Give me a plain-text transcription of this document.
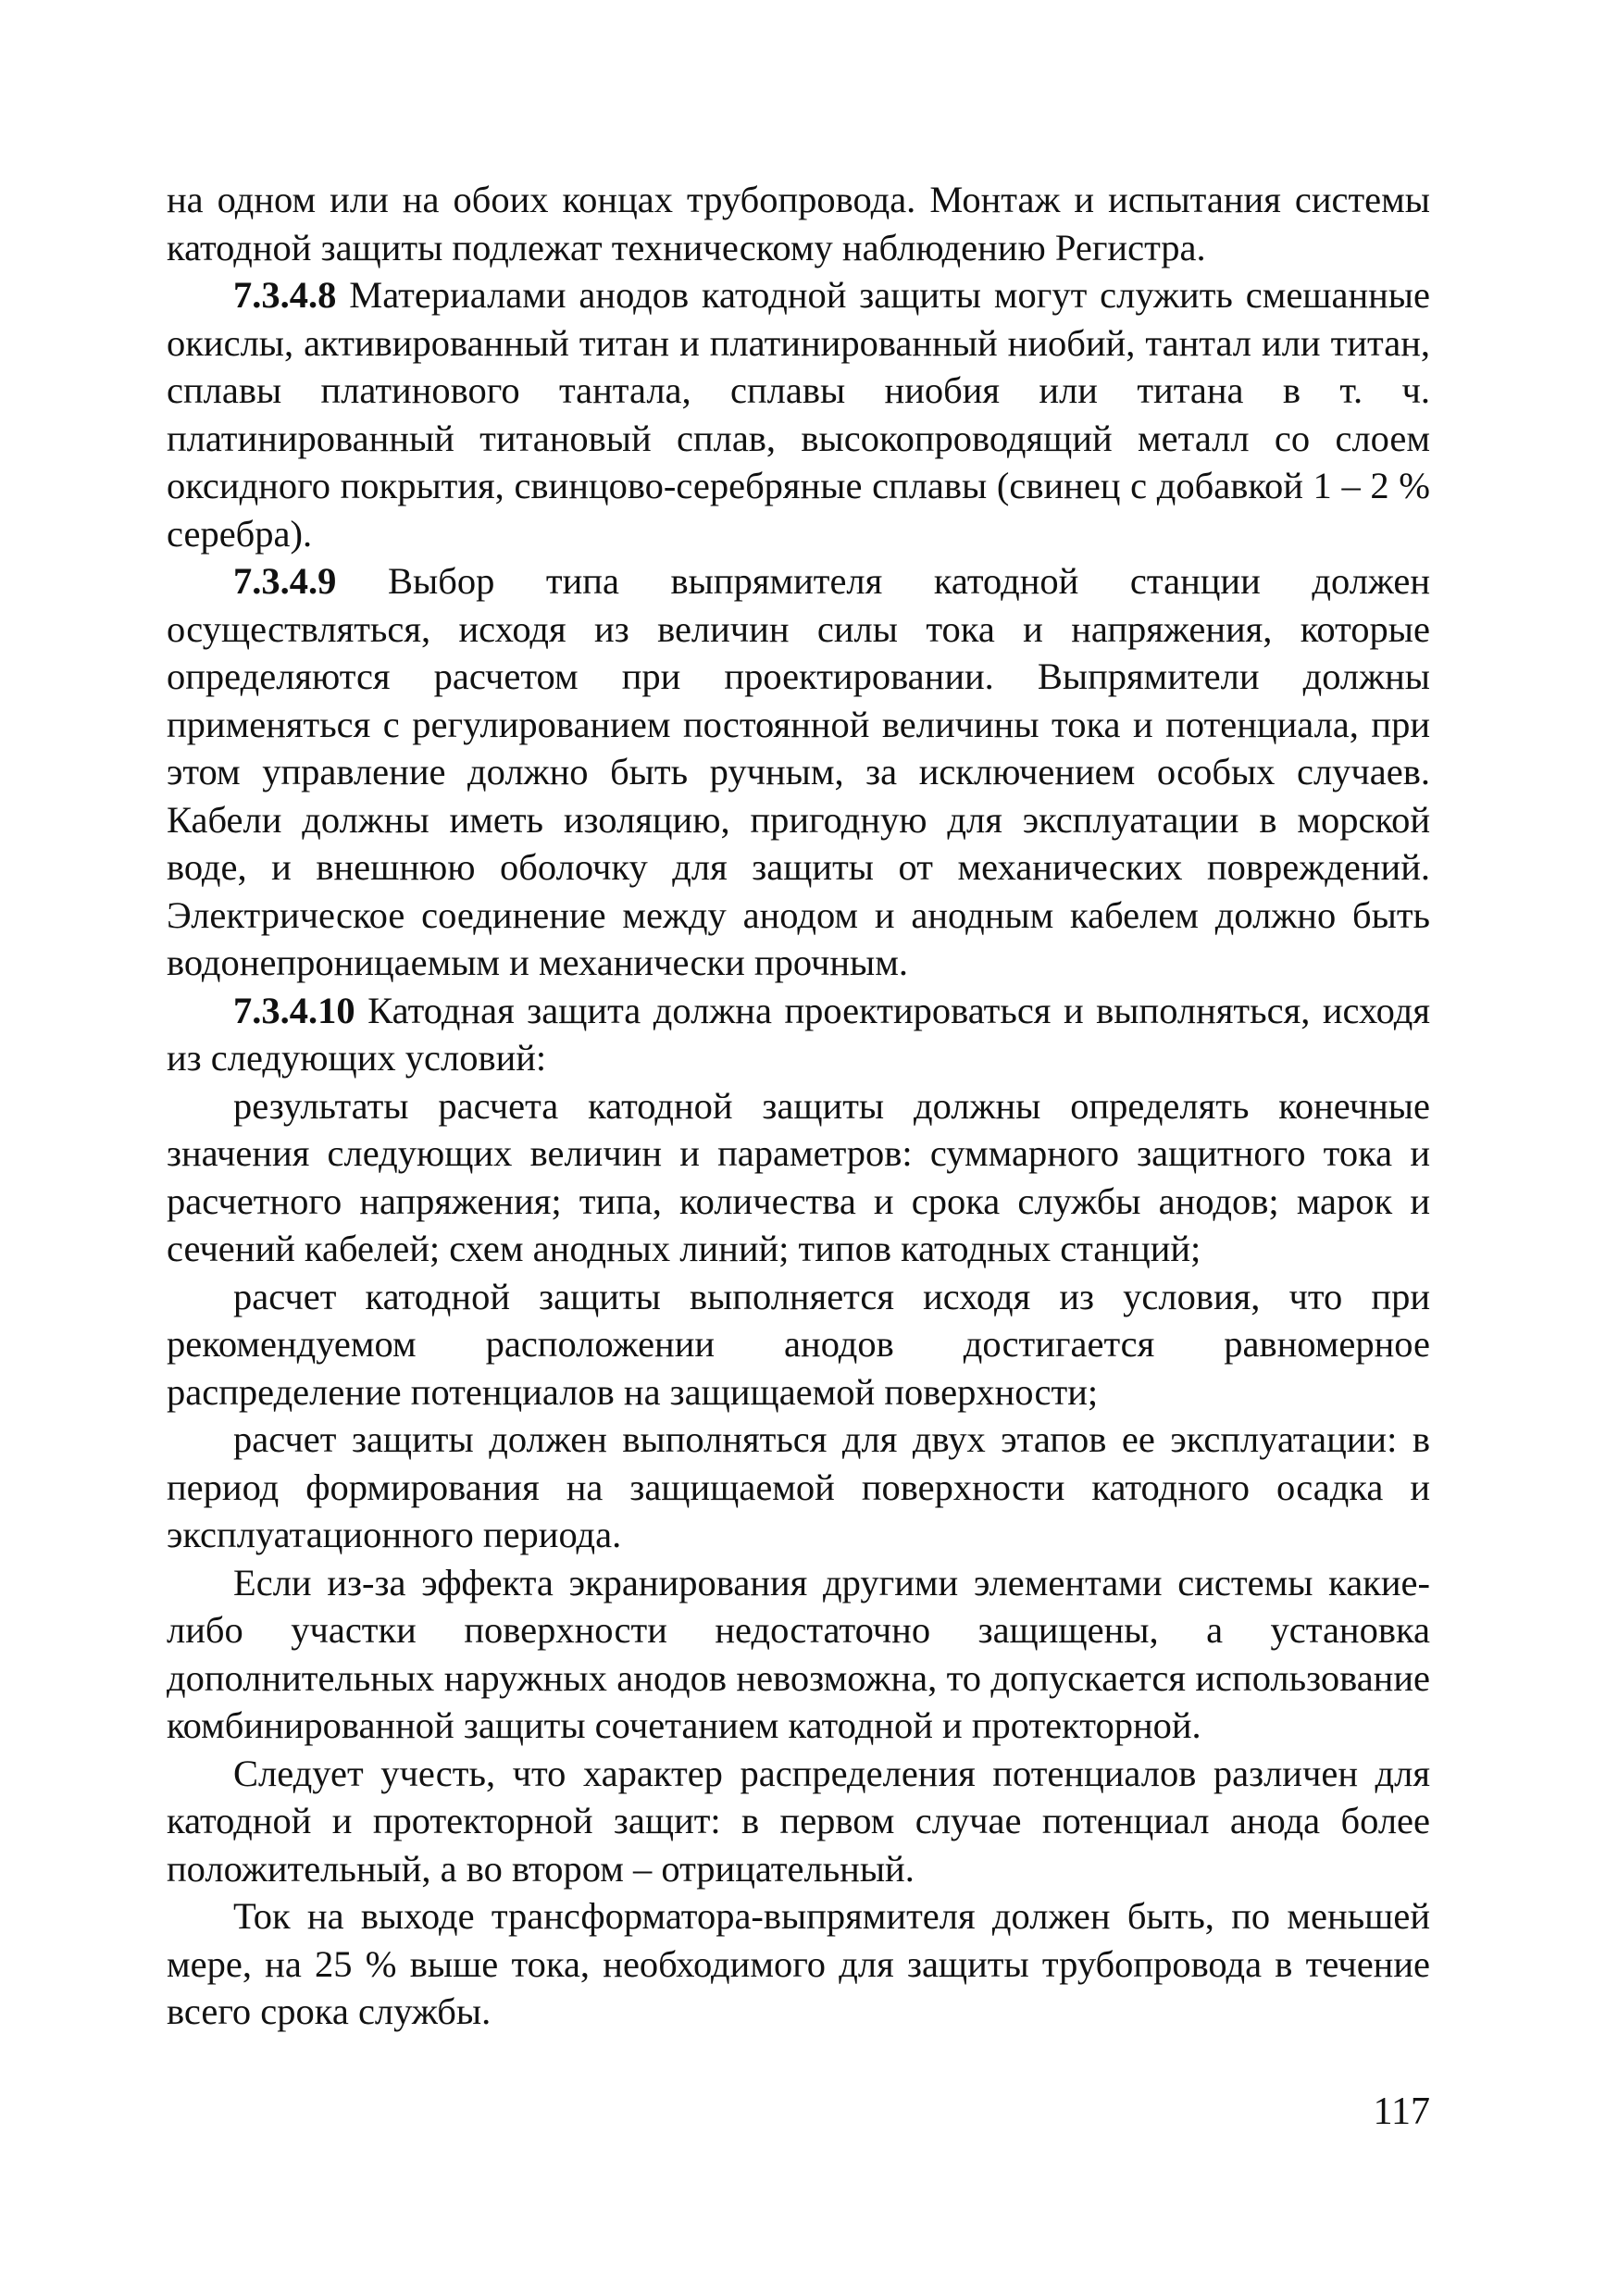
на одном или на обоих концах трубопровода. Монтаж и испытания системы катодной защиты подлежат техническому наблюдению Регистра.

7.3.4.8 Материалами анодов катодной защиты могут служить смешанные окислы, активированный титан и платинированный ниобий, тантал или титан, сплавы платинового тантала, сплавы ниобия или титана в т. ч. платинированный титановый сплав, высокопроводящий металл со слоем оксидного покрытия, свинцово-серебряные сплавы (свинец с добавкой 1 – 2 % серебра).

7.3.4.9 Выбор типа выпрямителя катодной станции должен осуществляться, исходя из величин силы тока и напряжения, которые определяются расчетом при проектировании. Выпрямители должны применяться с регулированием постоянной величины тока и потенциала, при этом управление должно быть ручным, за исключением особых случаев. Кабели должны иметь изоляцию, пригодную для эксплуатации в морской воде, и внешнюю оболочку для защиты от механических повреждений. Электрическое соединение между анодом и анодным кабелем должно быть водонепроницаемым и механически прочным.

7.3.4.10 Катодная защита должна проектироваться и выполняться, исходя из следующих условий:

результаты расчета катодной защиты должны определять конечные значения следующих величин и параметров: суммарного защитного тока и расчетного напряжения; типа, количества и срока службы анодов; марок и сечений кабелей; схем анодных линий; типов катодных станций;

расчет катодной защиты выполняется исходя из условия, что при рекомендуемом расположении анодов достигается равномерное распределение потенциалов на защищаемой поверхности;

расчет защиты должен выполняться для двух этапов ее эксплуатации: в период формирования на защищаемой поверхности катодного осадка и эксплуатационного периода.

Если из-за эффекта экранирования другими элементами системы какие-либо участки поверхности недостаточно защищены, а установка дополнительных наружных анодов невозможна, то допускается использование комбинированной защиты сочетанием катодной и протекторной.

Следует учесть, что характер распределения потенциалов различен для катодной и протекторной защит: в первом случае потенциал анода более положительный, а во втором – отрицательный.

Ток на выходе трансформатора-выпрямителя должен быть, по меньшей мере, на 25 % выше тока, необходимого для защиты трубопровода в течение всего срока службы.

117
